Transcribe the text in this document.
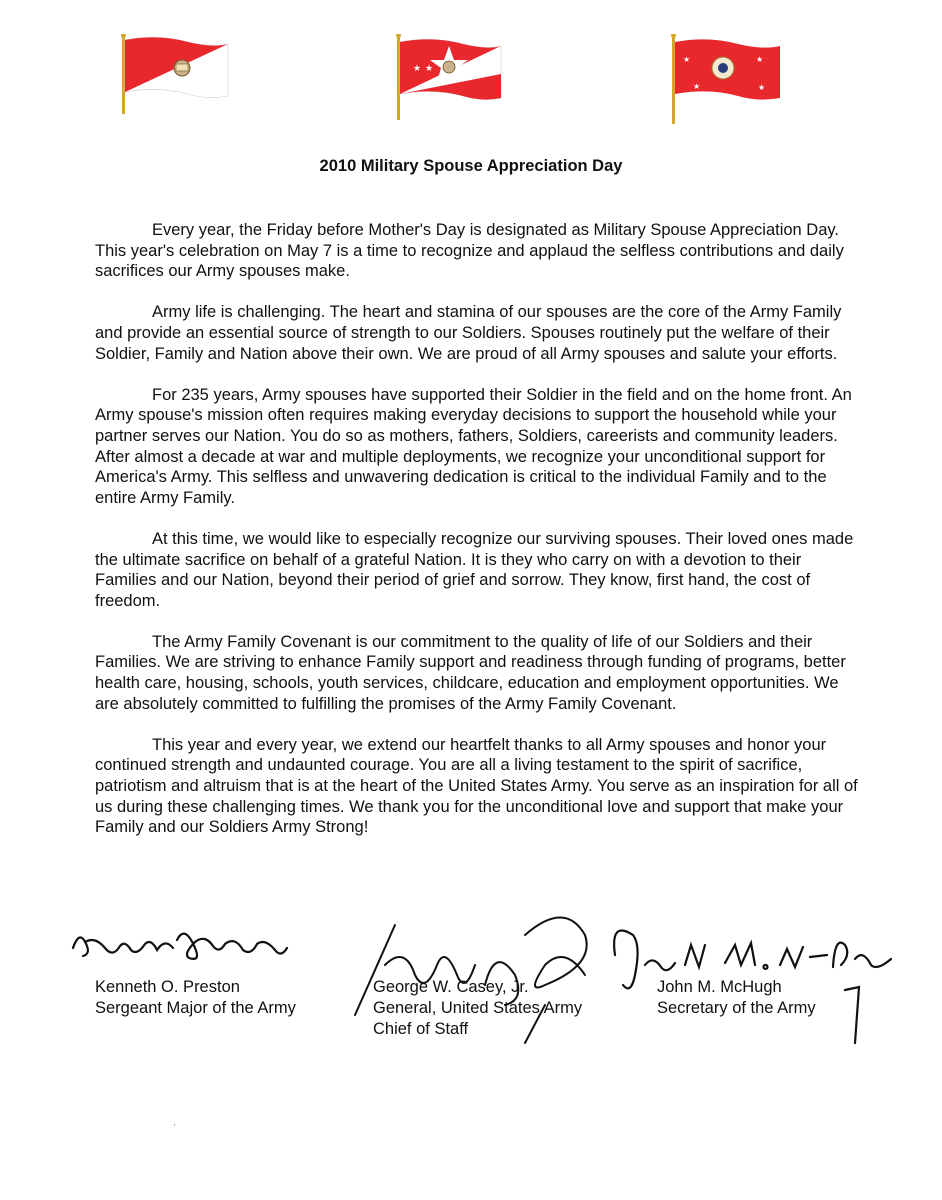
★ ★	★ ★
★	★
★	★
2010 Military Spouse Appreciation Day

Every year, the Friday before Mother's Day is designated as Military Spouse Appreciation Day. This year's celebration on May 7 is a time to recognize and applaud the selfless contributions and daily sacrifices our Army spouses make.

Army life is challenging. The heart and stamina of our spouses are the core of the Army Family and provide an essential source of strength to our Soldiers. Spouses routinely put the welfare of their Soldier, Family and Nation above their own. We are proud of all Army spouses and salute your efforts.

For 235 years, Army spouses have supported their Soldier in the field and on the home front. An Army spouse's mission often requires making everyday decisions to support the household while your partner serves our Nation. You do so as mothers, fathers, Soldiers, careerists and community leaders. After almost a decade at war and multiple deployments, we recognize your unconditional support for America's Army. This selfless and unwavering dedication is critical to the individual Family and to the entire Army Family.

At this time, we would like to especially recognize our surviving spouses. Their loved ones made the ultimate sacrifice on behalf of a grateful Nation. It is they who carry on with a devotion to their Families and our Nation, beyond their period of grief and sorrow. They know, first hand, the cost of freedom.

The Army Family Covenant is our commitment to the quality of life of our Soldiers and their Families. We are striving to enhance Family support and readiness through funding of programs, better health care, housing, schools, youth services, childcare, education and employment opportunities. We are absolutely committed to fulfilling the promises of the Army Family Covenant.

This year and every year, we extend our heartfelt thanks to all Army spouses and honor your continued strength and undaunted courage. You are all a living testament to the spirit of sacrifice, patriotism and altruism that is at the heart of the United States Army. You serve as an inspiration for all of us during these challenging times. We thank you for the unconditional love and support that make your Family and our Soldiers Army Strong!

Kenneth O. Preston
Sergeant Major of the Army
George W. Casey, Jr.
General, United States Army
Chief of Staff
John M. McHugh
Secretary of the Army
